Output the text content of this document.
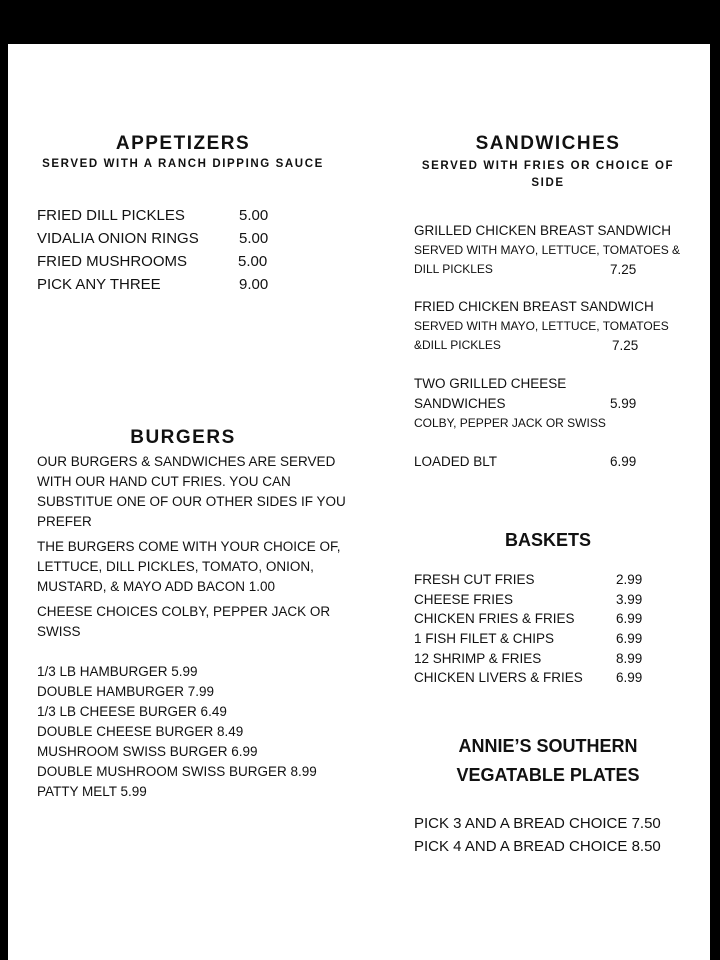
APPETIZERS
SERVED WITH A RANCH DIPPING SAUCE
FRIED DILL PICKLES	5.00
VIDALIA ONION RINGS	5.00
FRIED MUSHROOMS	5.00
PICK ANY THREE	9.00
BURGERS
OUR BURGERS & SANDWICHES ARE SERVED
WITH OUR HAND CUT FRIES. YOU CAN
SUBSTITUE ONE OF OUR OTHER SIDES IF YOU
PREFER
THE BURGERS COME WITH YOUR CHOICE OF,
LETTUCE, DILL PICKLES, TOMATO, ONION,
MUSTARD, & MAYO ADD BACON 1.00
CHEESE CHOICES COLBY, PEPPER JACK OR
SWISS
1/3 LB HAMBURGER 5.99
DOUBLE HAMBURGER 7.99
1/3 LB CHEESE BURGER 6.49
DOUBLE CHEESE BURGER 8.49
MUSHROOM SWISS BURGER 6.99
DOUBLE MUSHROOM SWISS BURGER 8.99
PATTY MELT 5.99
SANDWICHES
SERVED WITH FRIES OR CHOICE OF
SIDE
GRILLED CHICKEN BREAST SANDWICH
SERVED WITH MAYO, LETTUCE, TOMATOES &
DILL PICKLES	7.25
FRIED CHICKEN BREAST SANDWICH
SERVED WITH MAYO, LETTUCE, TOMATOES
&DILL PICKLES	7.25
TWO GRILLED CHEESE
SANDWICHES	5.99
COLBY, PEPPER JACK OR SWISS
LOADED BLT	6.99
BASKETS
FRESH CUT FRIES	2.99
CHEESE FRIES	3.99
CHICKEN FRIES & FRIES	6.99
1 FISH FILET & CHIPS	6.99
12 SHRIMP & FRIES	8.99
CHICKEN LIVERS & FRIES 6.99
ANNIE’S SOUTHERN
VEGATABLE PLATES
PICK 3 AND A BREAD CHOICE 7.50
PICK 4 AND A BREAD CHOICE 8.50
